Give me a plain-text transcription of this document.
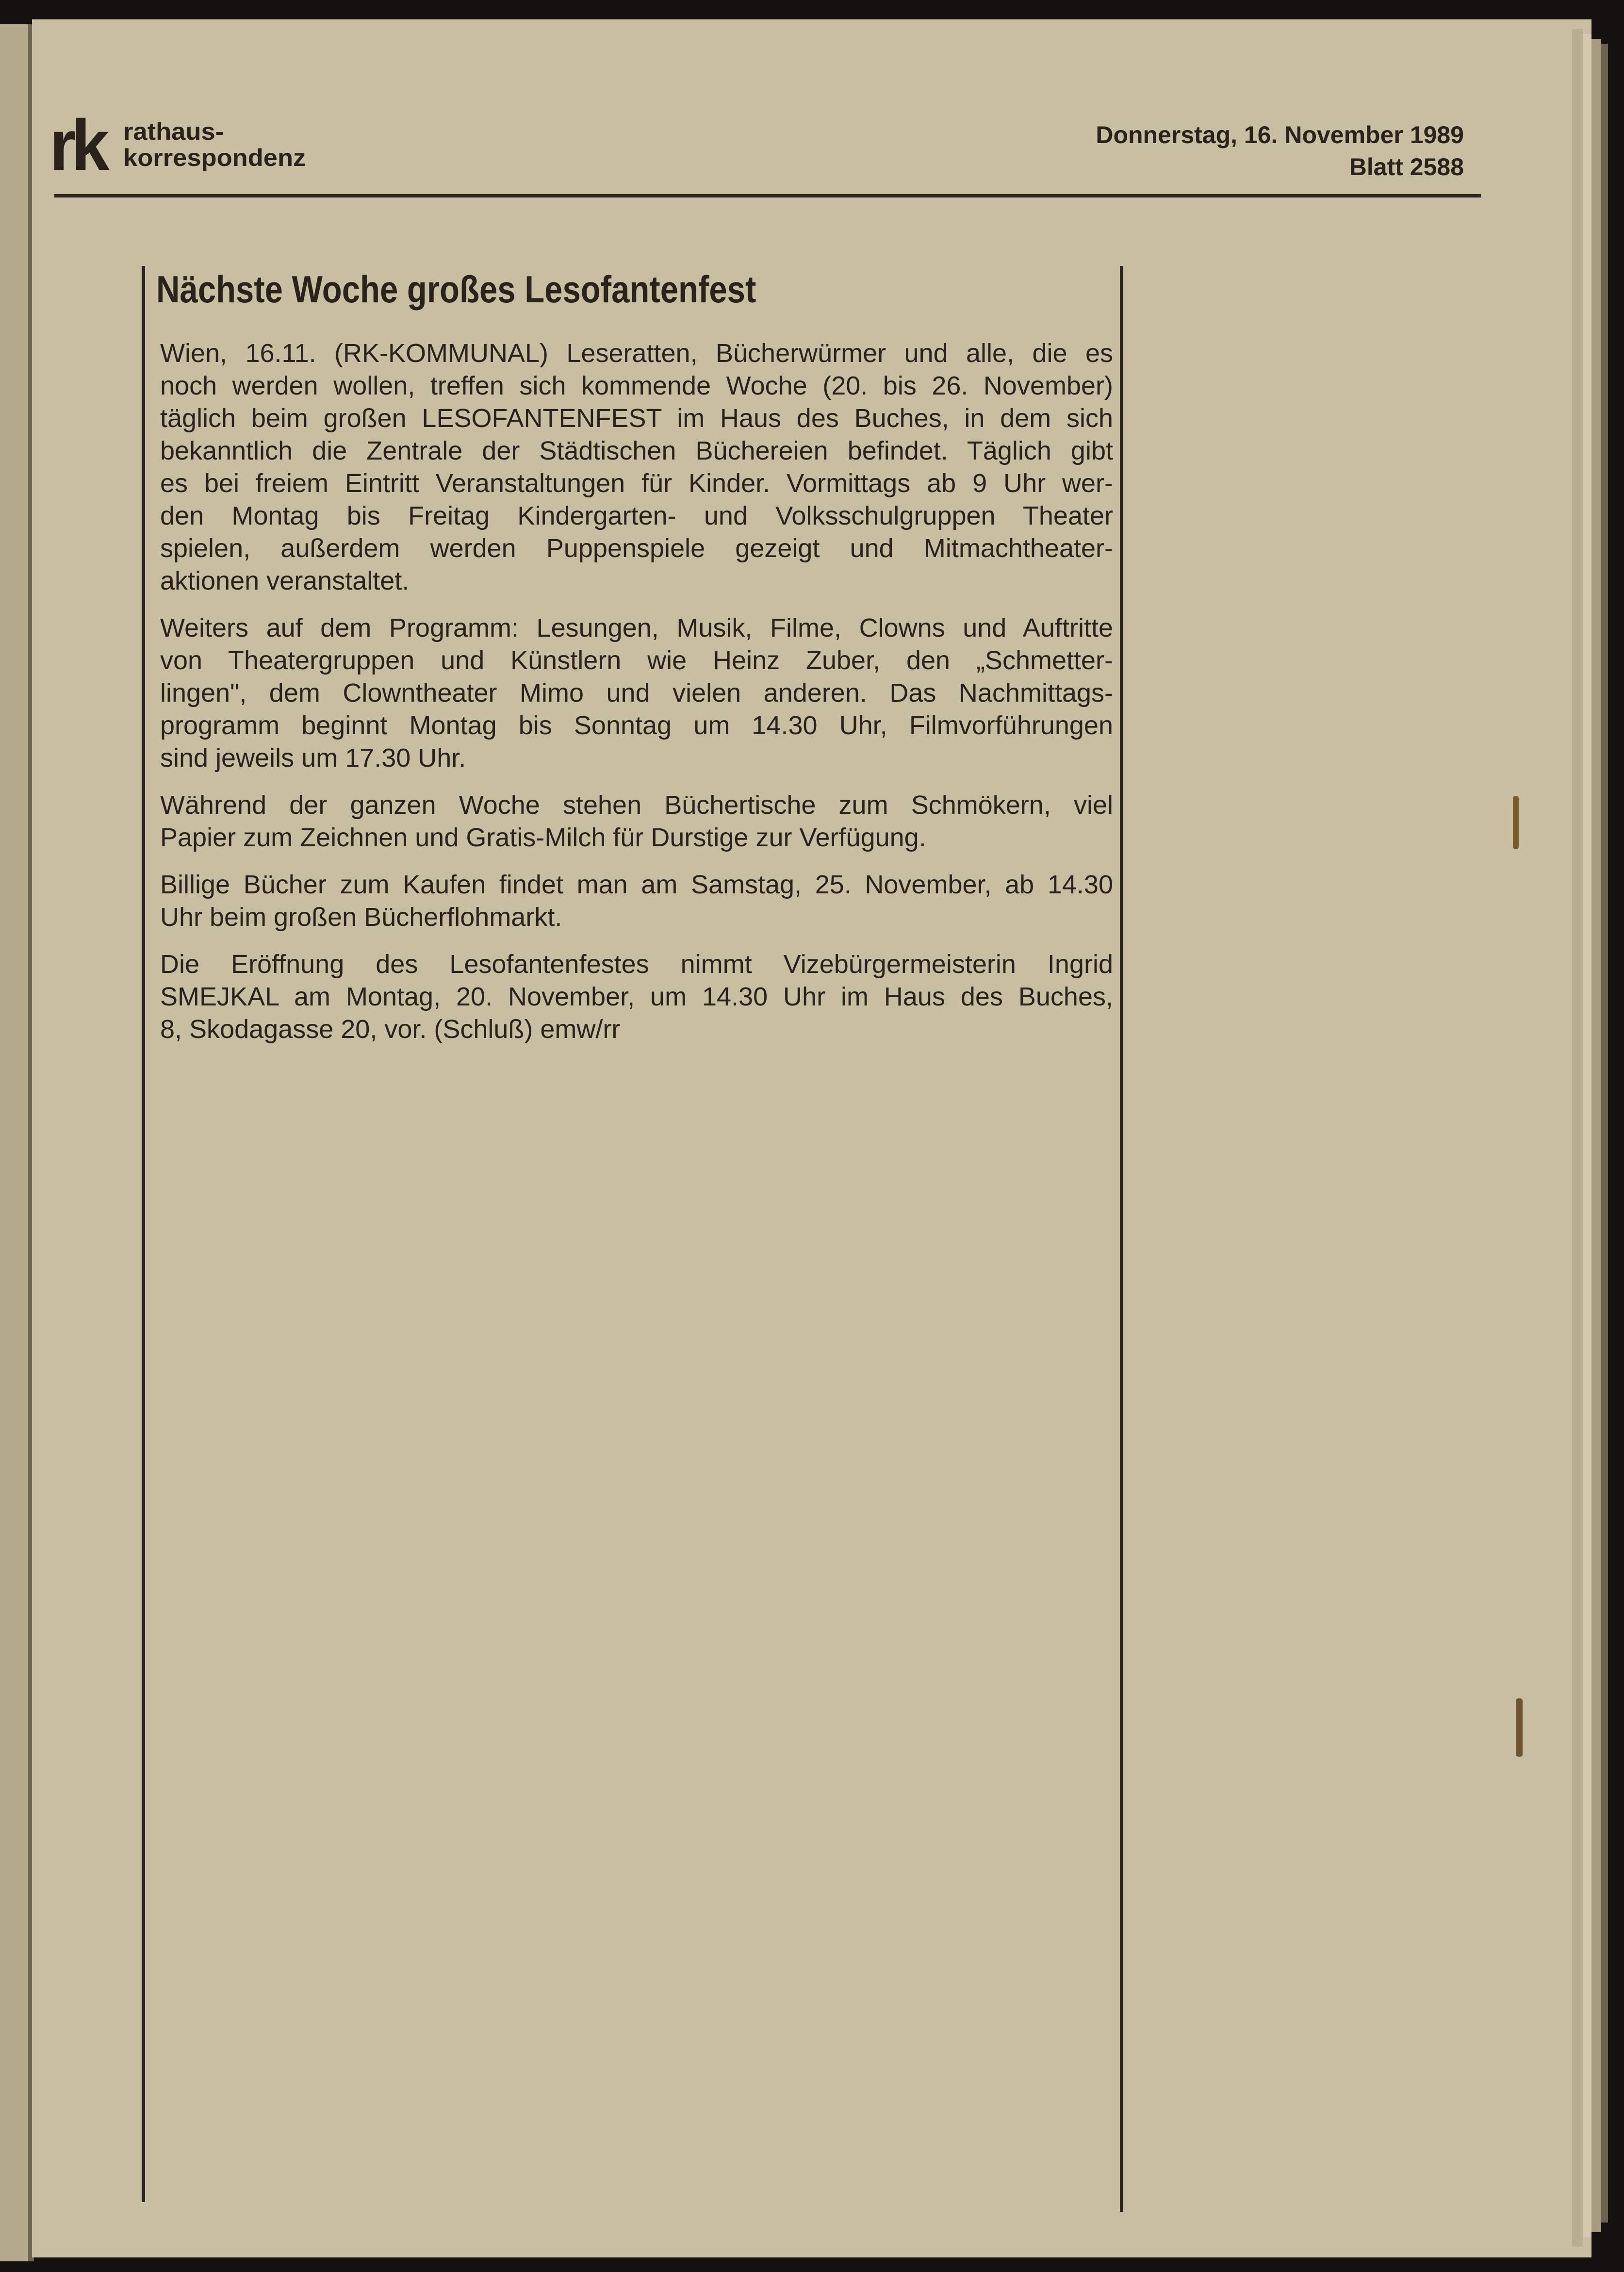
rk rathaus-
korrespondenz
Donnerstag, 16. November 1989
Blatt 2588
Nächste Woche großes Lesofantenfest
Wien, 16.11. (RK-KOMMUNAL) Leseratten, Bücherwürmer und alle, die es
noch werden wollen, treffen sich kommende Woche (20. bis 26. November)
täglich beim großen LESOFANTENFEST im Haus des Buches, in dem sich
bekanntlich die Zentrale der Städtischen Büchereien befindet. Täglich gibt
es bei freiem Eintritt Veranstaltungen für Kinder. Vormittags ab 9 Uhr wer-
den Montag bis Freitag Kindergarten- und Volksschulgruppen Theater
spielen, außerdem werden Puppenspiele gezeigt und Mitmachtheater-
aktionen veranstaltet.
Weiters auf dem Programm: Lesungen, Musik, Filme, Clowns und Auftritte
von Theatergruppen und Künstlern wie Heinz Zuber, den „Schmetter-
lingen", dem Clowntheater Mimo und vielen anderen. Das Nachmittags-
programm beginnt Montag bis Sonntag um 14.30 Uhr, Filmvorführungen
sind jeweils um 17.30 Uhr.
Während der ganzen Woche stehen Büchertische zum Schmökern, viel
Papier zum Zeichnen und Gratis-Milch für Durstige zur Verfügung.
Billige Bücher zum Kaufen findet man am Samstag, 25. November, ab 14.30
Uhr beim großen Bücherflohmarkt.
Die Eröffnung des Lesofantenfestes nimmt Vizebürgermeisterin Ingrid
SMEJKAL am Montag, 20. November, um 14.30 Uhr im Haus des Buches,
8, Skodagasse 20, vor. (Schluß) emw/rr
